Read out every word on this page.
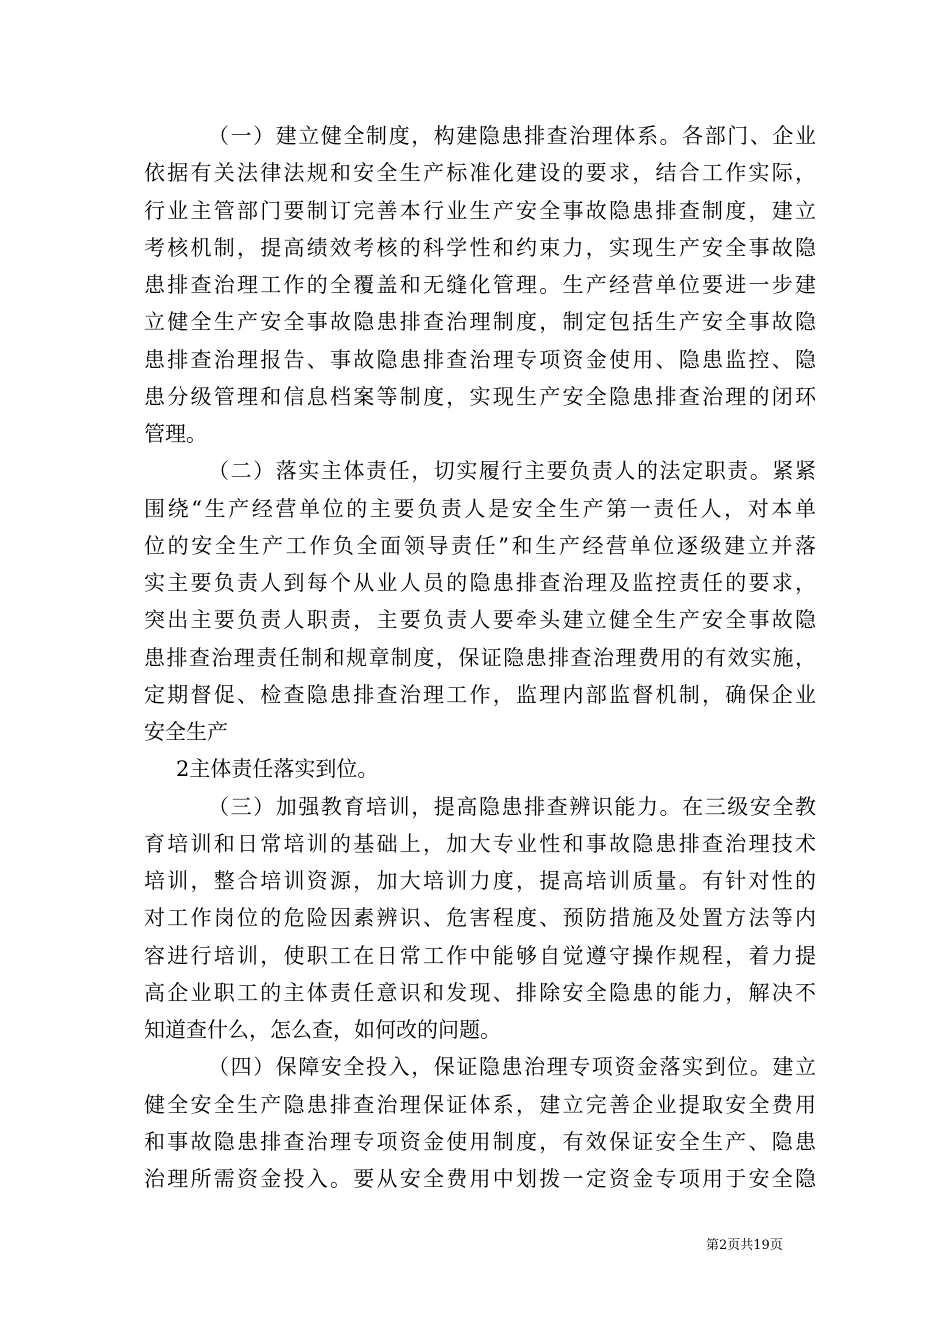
（一）建立健全制度，构建隐患排查治理体系。各部门、企业
依据有关法律法规和安全生产标准化建设的要求，结合工作实际，
行业主管部门要制订完善本行业生产安全事故隐患排查制度，建立
考核机制，提高绩效考核的科学性和约束力，实现生产安全事故隐
患排查治理工作的全覆盖和无缝化管理。生产经营单位要进一步建
立健全生产安全事故隐患排查治理制度，制定包括生产安全事故隐
患排查治理报告、事故隐患排查治理专项资金使用、隐患监控、隐
患分级管理和信息档案等制度，实现生产安全隐患排查治理的闭环
管理。
（二）落实主体责任，切实履行主要负责人的法定职责。紧紧
围绕“生产经营单位的主要负责人是安全生产第一责任人，对本单
位的安全生产工作负全面领导责任”和生产经营单位逐级建立并落
实主要负责人到每个从业人员的隐患排查治理及监控责任的要求，
突出主要负责人职责，主要负责人要牵头建立健全生产安全事故隐
患排查治理责任制和规章制度，保证隐患排查治理费用的有效实施，
定期督促、检查隐患排查治理工作，监理内部监督机制，确保企业
安全生产
2主体责任落实到位。
（三）加强教育培训，提高隐患排查辨识能力。在三级安全教
育培训和日常培训的基础上，加大专业性和事故隐患排查治理技术
培训，整合培训资源，加大培训力度，提高培训质量。有针对性的
对工作岗位的危险因素辨识、危害程度、预防措施及处置方法等内
容进行培训，使职工在日常工作中能够自觉遵守操作规程，着力提
高企业职工的主体责任意识和发现、排除安全隐患的能力，解决不
知道查什么，怎么查，如何改的问题。
（四）保障安全投入，保证隐患治理专项资金落实到位。建立
健全安全生产隐患排查治理保证体系，建立完善企业提取安全费用
和事故隐患排查治理专项资金使用制度，有效保证安全生产、隐患
治理所需资金投入。要从安全费用中划拨一定资金专项用于安全隐
第2页共19页
